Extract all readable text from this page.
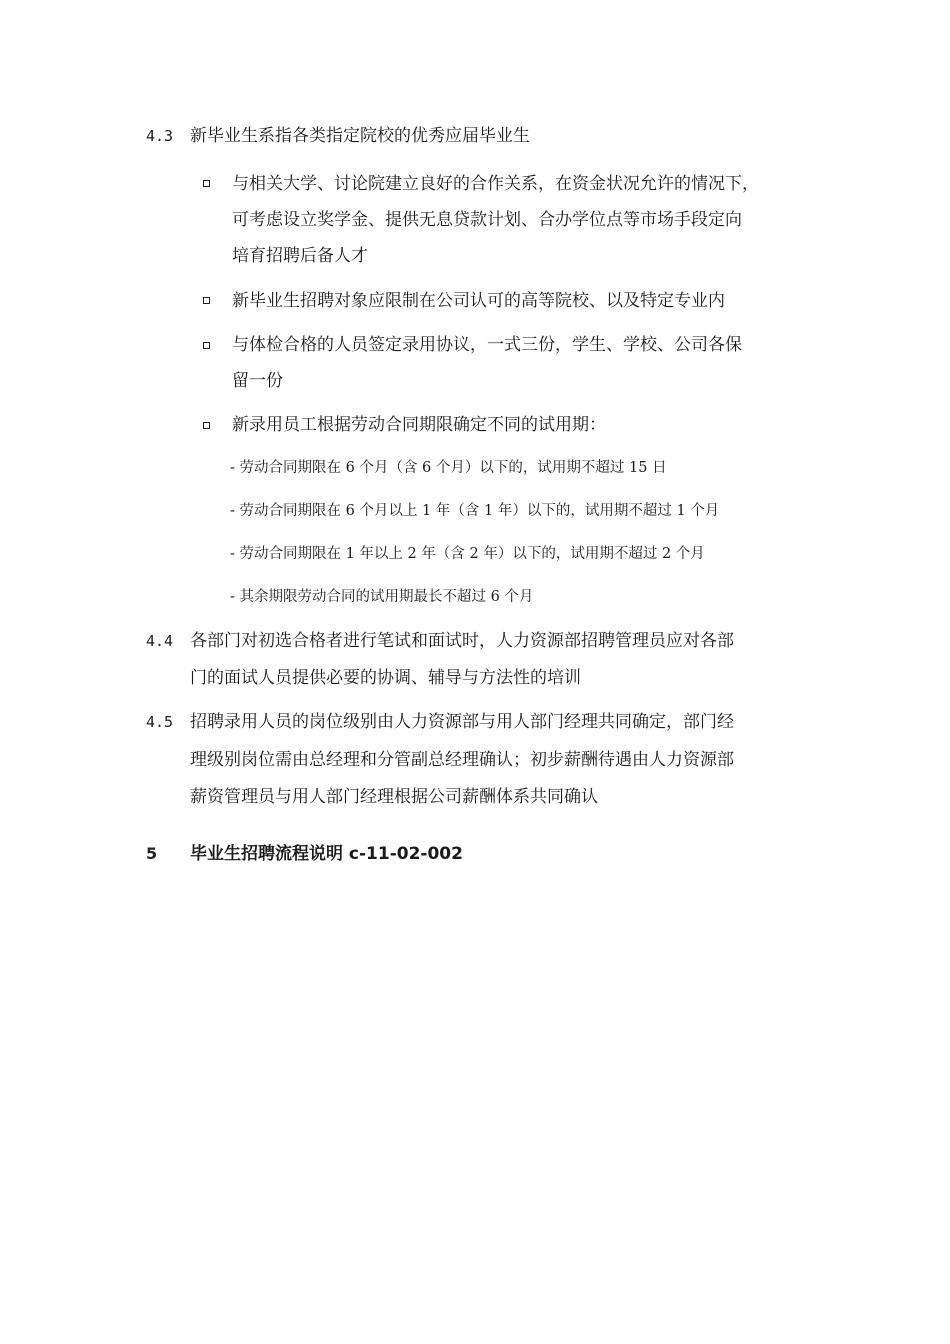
4.3 新毕业生系指各类指定院校的优秀应届毕业生
与相关大学、讨论院建立良好的合作关系，在资金状况允许的情况下，
可考虑设立奖学金、提供无息贷款计划、合办学位点等市场手段定向
培育招聘后备人才
新毕业生招聘对象应限制在公司认可的高等院校、以及特定专业内
与体检合格的人员签定录用协议，一式三份，学生、学校、公司各保
留一份
新录用员工根据劳动合同期限确定不同的试用期：
- 劳动合同期限在 6 个月（含 6 个月）以下的，试用期不超过 15 日
- 劳动合同期限在 6 个月以上 1 年（含 1 年）以下的，试用期不超过 1 个月
- 劳动合同期限在 1 年以上 2 年（含 2 年）以下的，试用期不超过 2 个月
- 其余期限劳动合同的试用期最长不超过 6 个月
4.4 各部门对初选合格者进行笔试和面试时，人力资源部招聘管理员应对各部
门的面试人员提供必要的协调、辅导与方法性的培训
4.5 招聘录用人员的岗位级别由人力资源部与用人部门经理共同确定，部门经
理级别岗位需由总经理和分管副总经理确认；初步薪酬待遇由人力资源部
薪资管理员与用人部门经理根据公司薪酬体系共同确认
5 毕业生招聘流程说明 c-11-02-002
